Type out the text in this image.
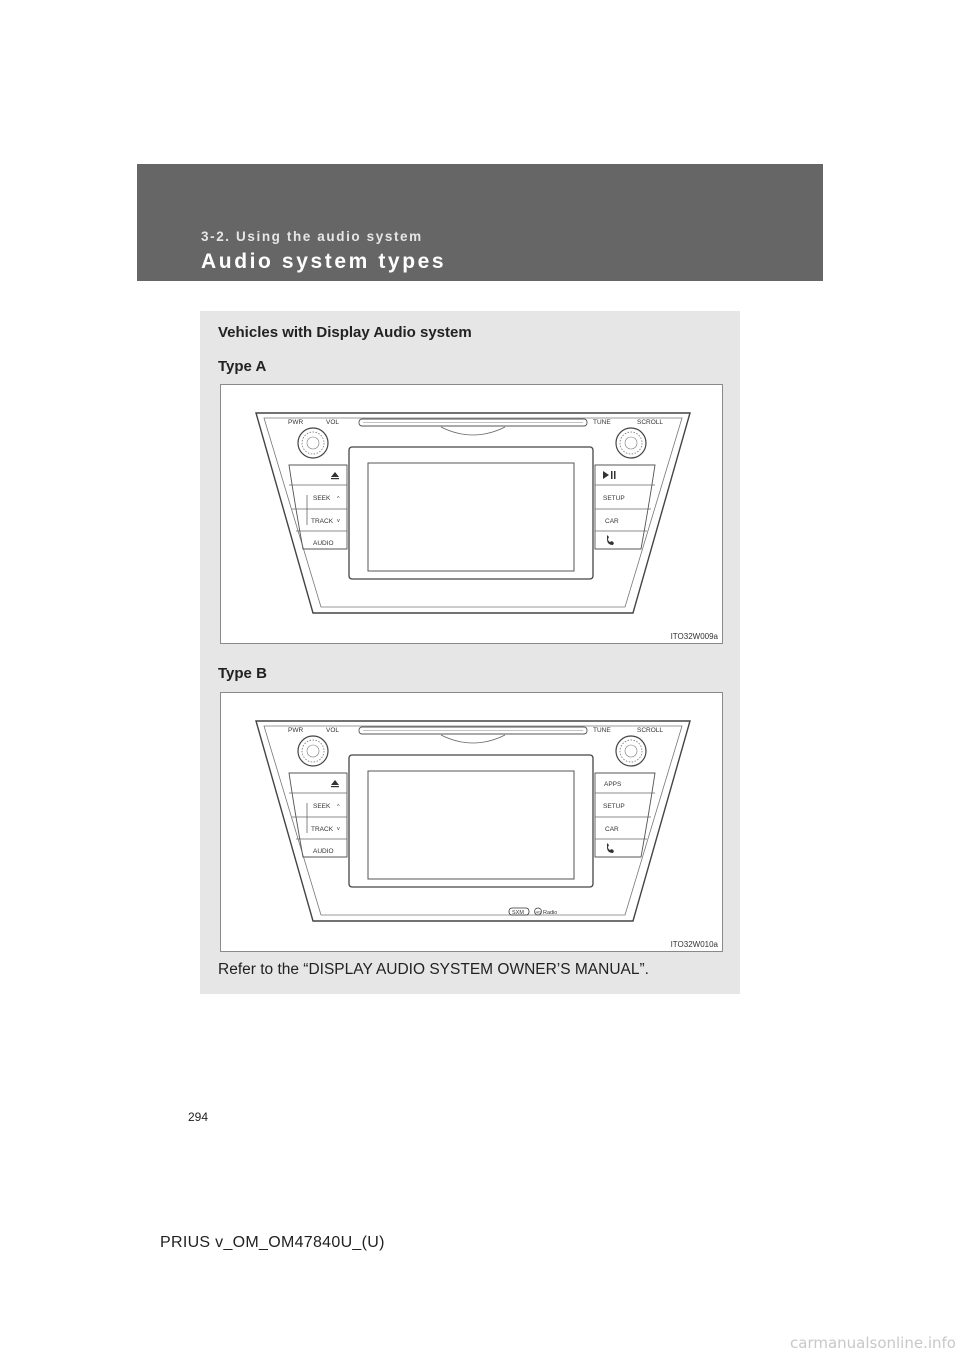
3-2. Using the audio system
Audio system types
Vehicles with Display Audio system
Type A
PWR	VOL	TUNE	SCROLL
SEEK ^
TRACK v
AUDIO
SETUP
CAR
ITO32W009a
Type B
PWR	VOL	TUNE	SCROLL
SEEK ^
TRACK v
AUDIO
APPS
SETUP
CAR
SXM	HD Radio
ITO32W010a
Refer to the “DISPLAY AUDIO SYSTEM OWNER’S MANUAL”.
294
PRIUS v_OM_OM47840U_(U)
carmanualsonline.info
